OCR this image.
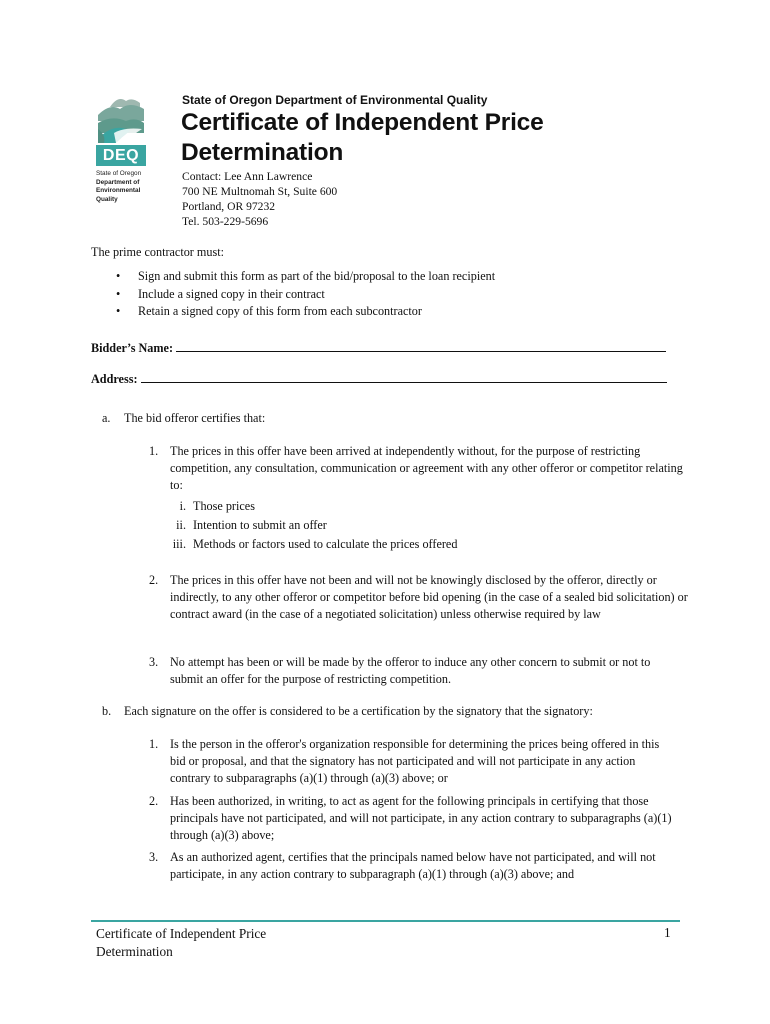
DEQ
State of Oregon
Department of
Environmental
Quality
State of Oregon Department of Environmental Quality
Certificate of Independent Price
Determination
Contact: Lee Ann Lawrence
700 NE Multnomah St, Suite 600
Portland, OR 97232
Tel. 503-229-5696
The prime contractor must:
• Sign and submit this form as part of the bid/proposal to the loan recipient
• Include a signed copy in their contract
• Retain a signed copy of this form from each subcontractor
Bidder’s Name:
Address:
a. The bid offeror certifies that:
1. The prices in this offer have been arrived at independently without, for the purpose of restricting competition, any consultation, communication or agreement with any other offeror or competitor relating to:
i. Those prices
ii. Intention to submit an offer
iii. Methods or factors used to calculate the prices offered
2. The prices in this offer have not been and will not be knowingly disclosed by the offeror, directly or indirectly, to any other offeror or competitor before bid opening (in the case of a sealed bid solicitation) or contract award (in the case of a negotiated solicitation) unless otherwise required by law
3. No attempt has been or will be made by the offeror to induce any other concern to submit or not to submit an offer for the purpose of restricting competition.
b. Each signature on the offer is considered to be a certification by the signatory that the signatory:
1. Is the person in the offeror's organization responsible for determining the prices being offered in this bid or proposal, and that the signatory has not participated and will not participate in any action contrary to subparagraphs (a)(1) through (a)(3) above; or
2. Has been authorized, in writing, to act as agent for the following principals in certifying that those principals have not participated, and will not participate, in any action contrary to subparagraphs (a)(1) through (a)(3) above;
3. As an authorized agent, certifies that the principals named below have not participated, and will not participate, in any action contrary to subparagraph (a)(1) through (a)(3) above; and
Certificate of Independent Price
Determination
1
